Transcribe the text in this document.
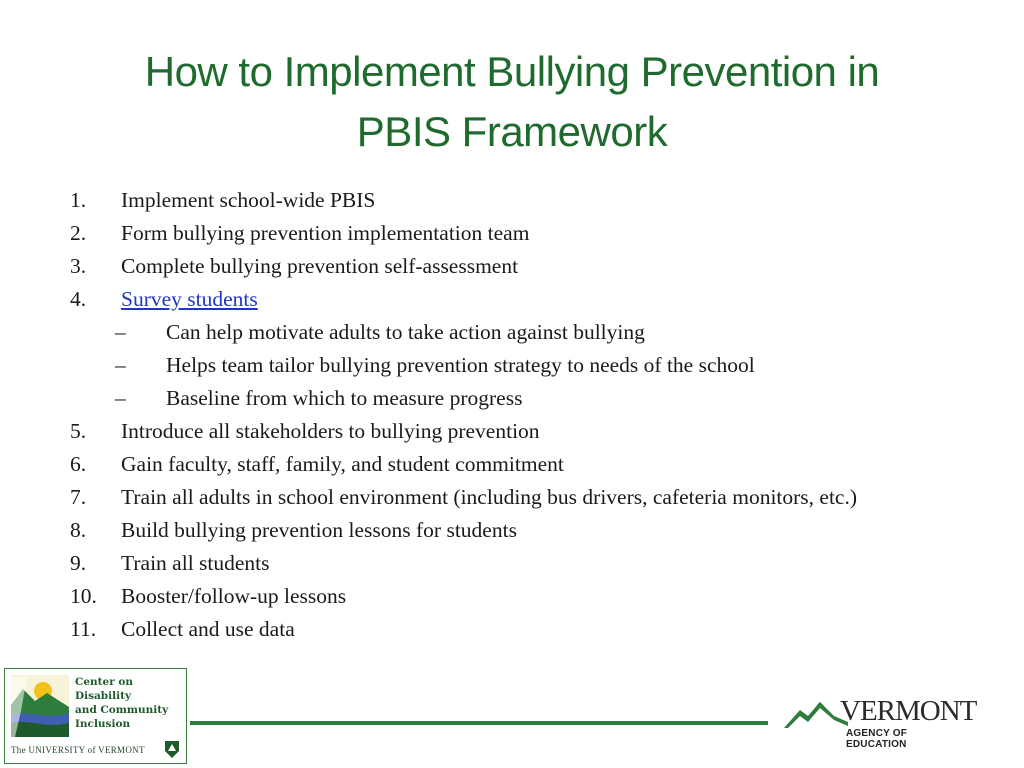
How to Implement Bullying Prevention in
PBIS Framework
1.	Implement school-wide PBIS
2.	Form bullying prevention implementation team
3.	Complete bullying prevention self-assessment
4.	Survey students
–	Can help motivate adults to take action against bullying
–	Helps team tailor bullying prevention strategy to needs of the school
–	Baseline from which to measure progress
5.	Introduce all stakeholders to bullying prevention
6.	Gain faculty, staff, family, and student commitment
7.	Train all adults in school environment (including bus drivers, cafeteria monitors, etc.)
8.	Build bullying prevention lessons for students
9.	Train all students
10.	Booster/follow-up lessons
11.	Collect and use data
Center on
Disability
and Community
Inclusion
The UNIVERSITY of VERMONT
VERMONT
AGENCY OF EDUCATION
